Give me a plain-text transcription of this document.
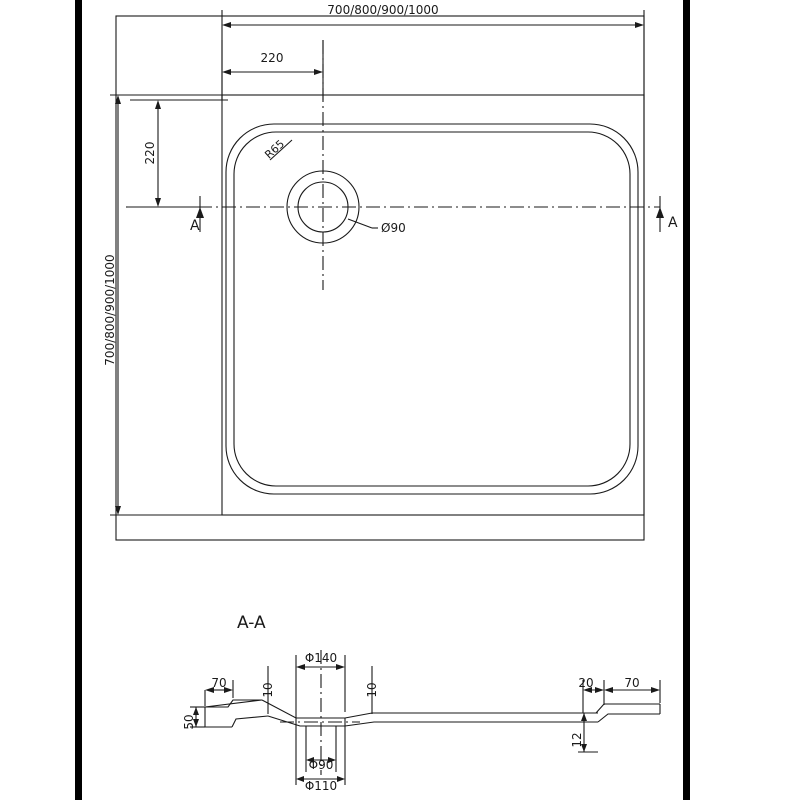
700/800/900/1000
220
220
700/800/900/1000
R65
Ø90
A	A
A-A
Φ140
70	10	10
50
20	70
12
Φ90
Φ110
